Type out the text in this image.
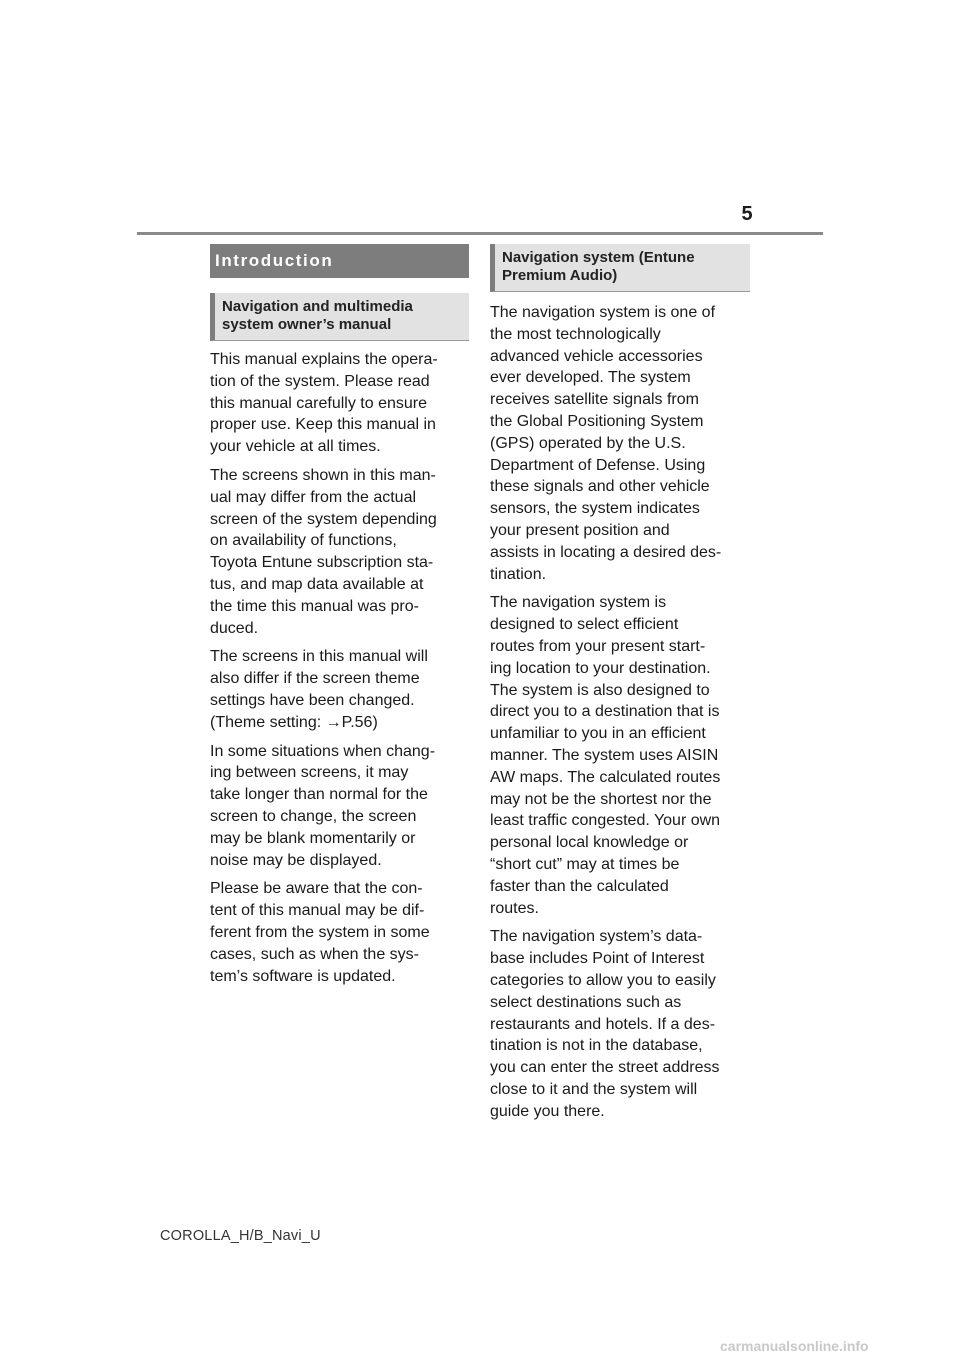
5
Introduction
Navigation and multimedia
system owner’s manual

This manual explains the opera-
tion of the system. Please read
this manual carefully to ensure
proper use. Keep this manual in
your vehicle at all times.

The screens shown in this man-
ual may differ from the actual
screen of the system depending
on availability of functions,
Toyota Entune subscription sta-
tus, and map data available at
the time this manual was pro-
duced.

The screens in this manual will
also differ if the screen theme
settings have been changed.
(Theme setting: →P.56)

In some situations when chang-
ing between screens, it may
take longer than normal for the
screen to change, the screen
may be blank momentarily or
noise may be displayed.

Please be aware that the con-
tent of this manual may be dif-
ferent from the system in some
cases, such as when the sys-
tem’s software is updated.

Navigation system (Entune
Premium Audio)

The navigation system is one of
the most technologically
advanced vehicle accessories
ever developed. The system
receives satellite signals from
the Global Positioning System
(GPS) operated by the U.S.
Department of Defense. Using
these signals and other vehicle
sensors, the system indicates
your present position and
assists in locating a desired des-
tination.

The navigation system is
designed to select efficient
routes from your present start-
ing location to your destination.
The system is also designed to
direct you to a destination that is
unfamiliar to you in an efficient
manner. The system uses AISIN
AW maps. The calculated routes
may not be the shortest nor the
least traffic congested. Your own
personal local knowledge or
“short cut” may at times be
faster than the calculated
routes.

The navigation system’s data-
base includes Point of Interest
categories to allow you to easily
select destinations such as
restaurants and hotels. If a des-
tination is not in the database,
you can enter the street address
close to it and the system will
guide you there.

COROLLA_H/B_Navi_U
carmanualsonline.info
